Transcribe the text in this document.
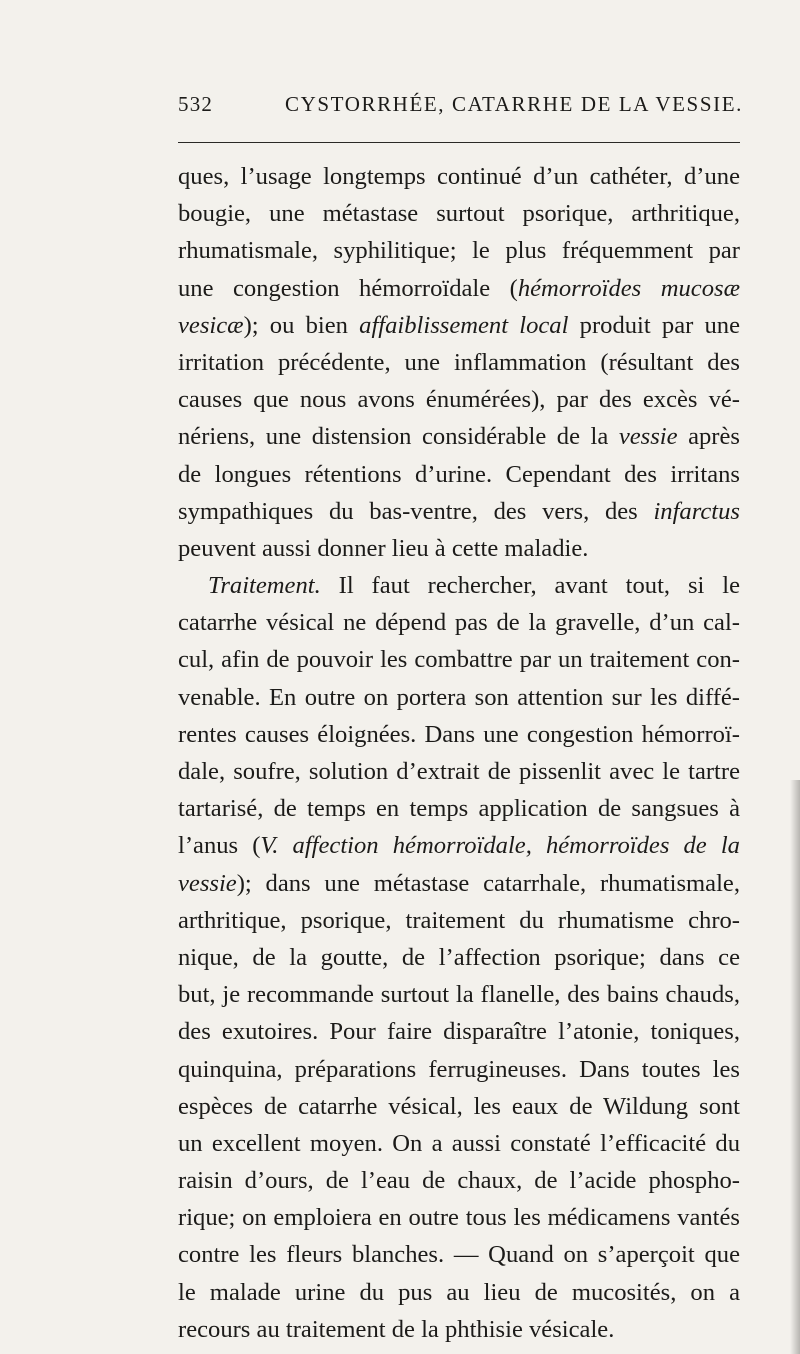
532	CYSTORRHÉE, CATARRHE DE LA VESSIE.
ques, l’usage longtemps continué d’un cathéter, d’une
bougie, une métastase surtout psorique, arthritique,
rhumatismale, syphilitique; le plus fréquemment par
une congestion hémorroïdale (hémorroïdes mucosæ
vesicæ); ou bien affaiblissement local produit par une
irritation précédente, une inflammation (résultant des
causes que nous avons énumérées), par des excès vé-
nériens, une distension considérable de la vessie après
de longues rétentions d’urine. Cependant des irritans
sympathiques du bas-ventre, des vers, des infarctus
peuvent aussi donner lieu à cette maladie.
Traitement. Il faut rechercher, avant tout, si le
catarrhe vésical ne dépend pas de la gravelle, d’un cal-
cul, afin de pouvoir les combattre par un traitement con-
venable. En outre on portera son attention sur les diffé-
rentes causes éloignées. Dans une congestion hémorroï-
dale, soufre, solution d’extrait de pissenlit avec le tartre
tartarisé, de temps en temps application de sangsues à
l’anus (V. affection hémorroïdale, hémorroïdes de la
vessie); dans une métastase catarrhale, rhumatismale,
arthritique, psorique, traitement du rhumatisme chro-
nique, de la goutte, de l’affection psorique; dans ce
but, je recommande surtout la flanelle, des bains chauds,
des exutoires. Pour faire disparaître l’atonie, toniques,
quinquina, préparations ferrugineuses. Dans toutes les
espèces de catarrhe vésical, les eaux de Wildung sont
un excellent moyen. On a aussi constaté l’efficacité du
raisin d’ours, de l’eau de chaux, de l’acide phospho-
rique; on emploiera en outre tous les médicamens vantés
contre les fleurs blanches. — Quand on s’aperçoit que
le malade urine du pus au lieu de mucosités, on a
recours au traitement de la phthisie vésicale.
